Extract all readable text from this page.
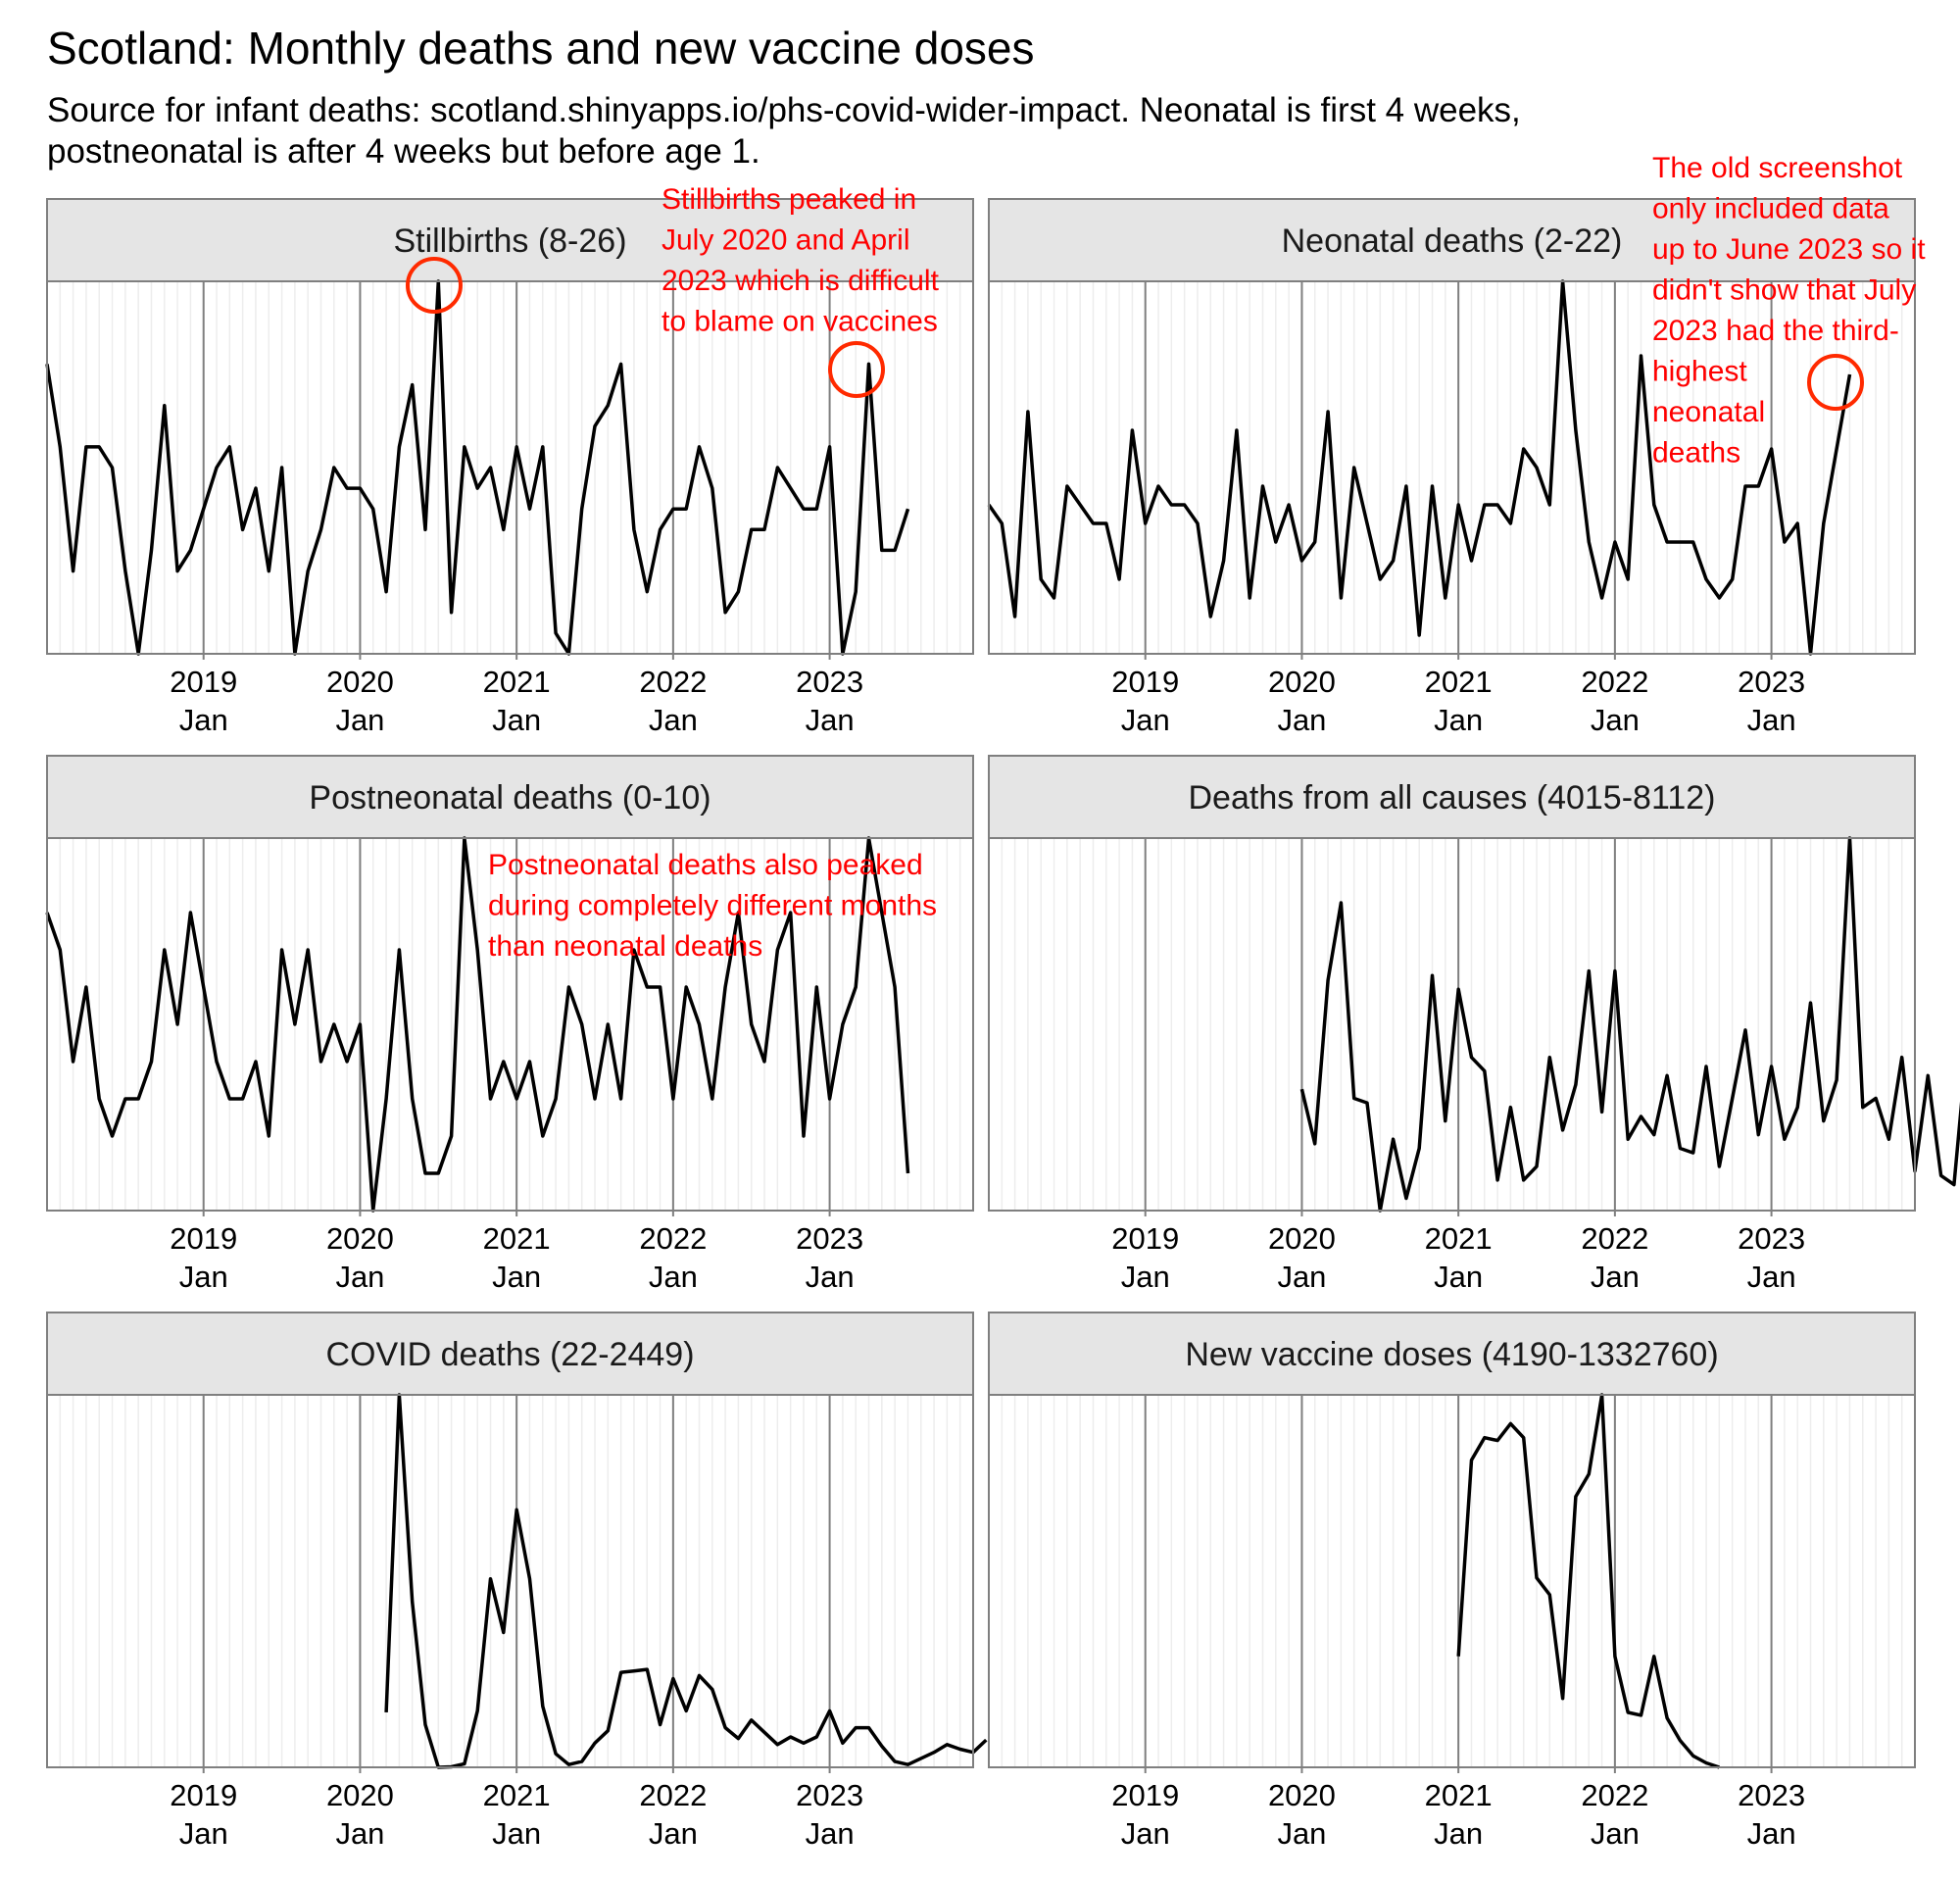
Scotland: Monthly deaths and new vaccine doses
Source for infant deaths: scotland.shinyapps.io/phs-covid-wider-impact. Neonatal is first 4 weeks,
postneonatal is after 4 weeks but before age 1.
Stillbirths (8-26)
2019
Jan
2020
Jan
2021
Jan
2022
Jan
2023
Jan
Neonatal deaths (2-22)
2019
Jan
2020
Jan
2021
Jan
2022
Jan
2023
Jan
Postneonatal deaths (0-10)
2019
Jan
2020
Jan
2021
Jan
2022
Jan
2023
Jan
Deaths from all causes (4015-8112)
2019
Jan
2020
Jan
2021
Jan
2022
Jan
2023
Jan
COVID deaths (22-2449)
2019
Jan
2020
Jan
2021
Jan
2022
Jan
2023
Jan
New vaccine doses (4190-1332760)
2019
Jan
2020
Jan
2021
Jan
2022
Jan
2023
Jan
Stillbirths peaked in
July 2020 and April
2023 which is difficult
to blame on vaccines
The old screenshot
only included data
up to June 2023 so it
didn't show that July
2023 had the third-
highest
neonatal
deaths
Postneonatal deaths also peaked
during completely different months
than neonatal deaths
